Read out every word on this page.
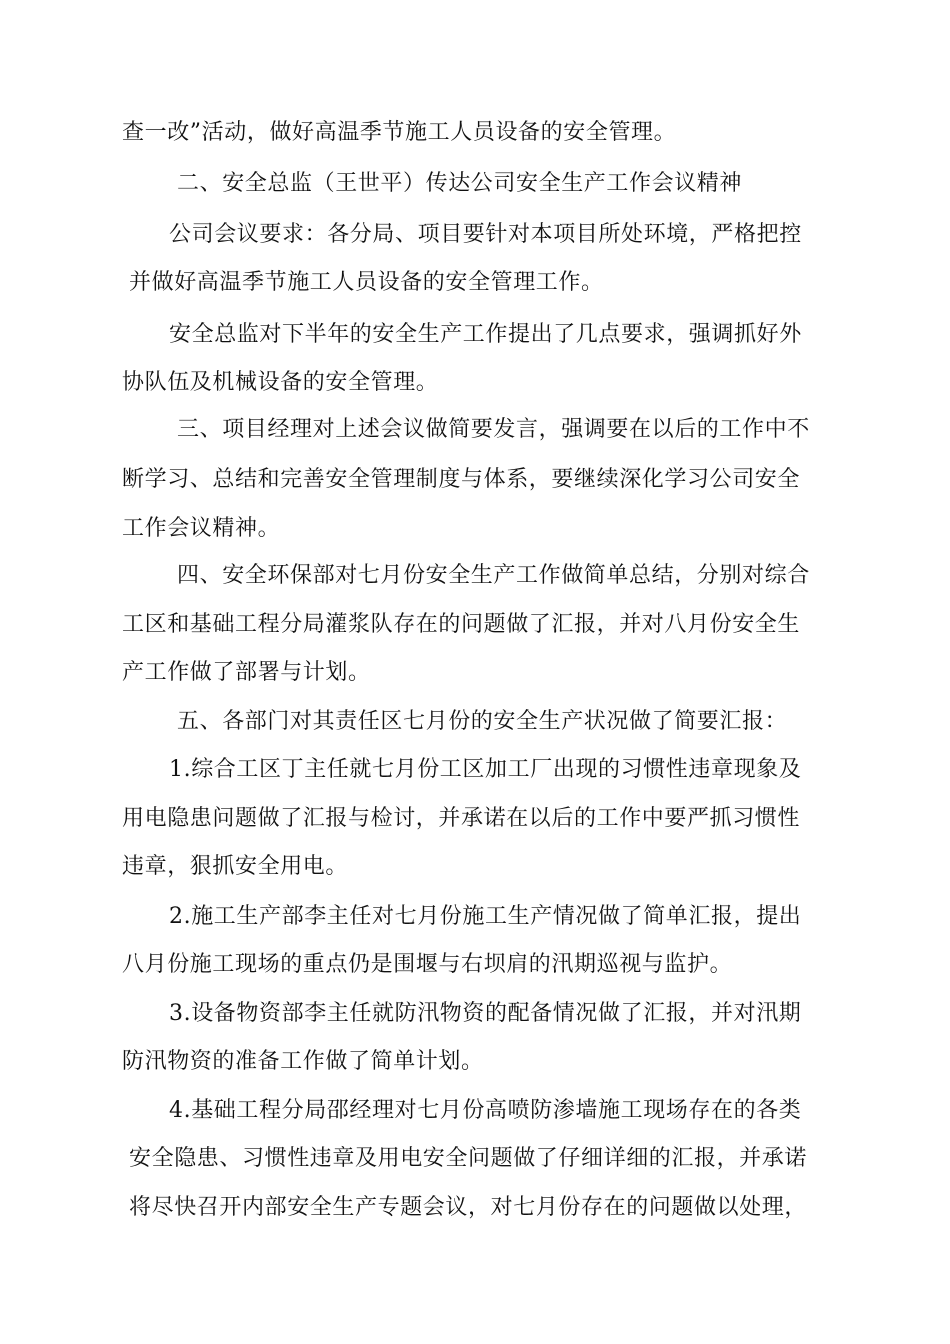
查一改”活动，做好高温季节施工人员设备的安全管理。
二、安全总监（王世平）传达公司安全生产工作会议精神
公司会议要求：各分局、项目要针对本项目所处环境，严格把控
并做好高温季节施工人员设备的安全管理工作。
安全总监对下半年的安全生产工作提出了几点要求，强调抓好外
协队伍及机械设备的安全管理。
三、项目经理对上述会议做简要发言，强调要在以后的工作中不
断学习、总结和完善安全管理制度与体系，要继续深化学习公司安全
工作会议精神。
四、安全环保部对七月份安全生产工作做简单总结，分别对综合
工区和基础工程分局灌浆队存在的问题做了汇报，并对八月份安全生
产工作做了部署与计划。
五、各部门对其责任区七月份的安全生产状况做了简要汇报：
1.综合工区丁主任就七月份工区加工厂出现的习惯性违章现象及
用电隐患问题做了汇报与检讨，并承诺在以后的工作中要严抓习惯性
违章，狠抓安全用电。
2.施工生产部李主任对七月份施工生产情况做了简单汇报，提出
八月份施工现场的重点仍是围堰与右坝肩的汛期巡视与监护。
3.设备物资部李主任就防汛物资的配备情况做了汇报，并对汛期
防汛物资的准备工作做了简单计划。
4.基础工程分局邵经理对七月份高喷防渗墙施工现场存在的各类
安全隐患、习惯性违章及用电安全问题做了仔细详细的汇报，并承诺
将尽快召开内部安全生产专题会议，对七月份存在的问题做以处理，
